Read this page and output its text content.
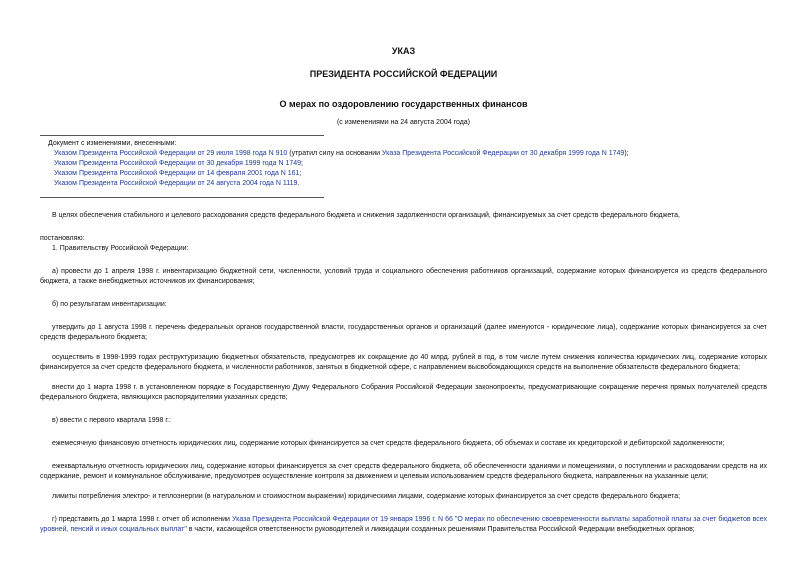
УКАЗ
ПРЕЗИДЕНТА РОССИЙСКОЙ ФЕДЕРАЦИИ
О мерах по оздоровлению государственных финансов
(с изменениями на 24 августа 2004 года)
Документ с изменениями, внесенными:
Указом Президента Российской Федерации от 29 июля 1998 года N 910 (утратил силу на основании Указа Президента Российской Федерации от 30 декабря 1999 года N 1749);
Указом Президента Российской Федерации от 30 декабря 1999 года N 1749;
Указом Президента Российской Федерации от 14 февраля 2001 года N 161;
Указом Президента Российской Федерации от 24 августа 2004 года N 1119.

В целях обеспечения стабильного и целевого расходования средств федерального бюджета и снижения задолженности организаций, финансируемых за счет средств федерального бюджета,

постановляю:

1. Правительству Российской Федерации:

а) провести до 1 апреля 1998 г. инвентаризацию бюджетной сети, численности, условий труда и социального обеспечения работников организаций, содержание которых финансируется из средств федерального бюджета, а также внебюджетных источников их финансирования;

б) по результатам инвентаризации:

утвердить до 1 августа 1998 г. перечень федеральных органов государственной власти, государственных органов и организаций (далее именуются - юридические лица), содержание которых финансируется за счет средств федерального бюджета;

осуществить в 1998-1999 годах реструктуризацию бюджетных обязательств, предусмотрев их сокращение до 40 млрд. рублей в год, в том числе путем снижения количества юридических лиц, содержание которых финансируется за счет средств федерального бюджета, и численности работников, занятых в бюджетной сфере, с направлением высвобождающихся средств на выполнение обязательств федерального бюджета;

внести до 1 марта 1998 г. в установленном порядке в Государственную Думу Федерального Собрания Российской Федерации законопроекты, предусматривающие сокращение перечня прямых получателей средств федерального бюджета, являющихся распорядителями указанных средств;

в) ввести с первого квартала 1998 г.:

ежемесячную финансовую отчетность юридических лиц, содержание которых финансируется за счет средств федерального бюджета, об объемах и составе их кредиторской и дебиторской задолженности;

ежеквартальную отчетность юридических лиц, содержание которых финансируется за счет средств федерального бюджета, об обеспеченности зданиями и помещениями, о поступлении и расходовании средств на их содержание, ремонт и коммунальное обслуживание, предусмотрев осуществление контроля за движением и целевым использованием средств федерального бюджета, направленных на указанные цели;

лимиты потребления электро- и теплоэнергии (в натуральном и стоимостном выражении) юридическими лицами, содержание которых финансируется за счет средств федерального бюджета;

г) представить до 1 марта 1998 г. отчет об исполнении Указа Президента Российской Федерации от 19 января 1996 г. N 66 "О мерах по обеспечению своевременности выплаты заработной платы за счет бюджетов всех уровней, пенсий и иных социальных выплат" в части, касающейся ответственности руководителей и ликвидации созданных решениями Правительства Российской Федерации внебюджетных органов;
